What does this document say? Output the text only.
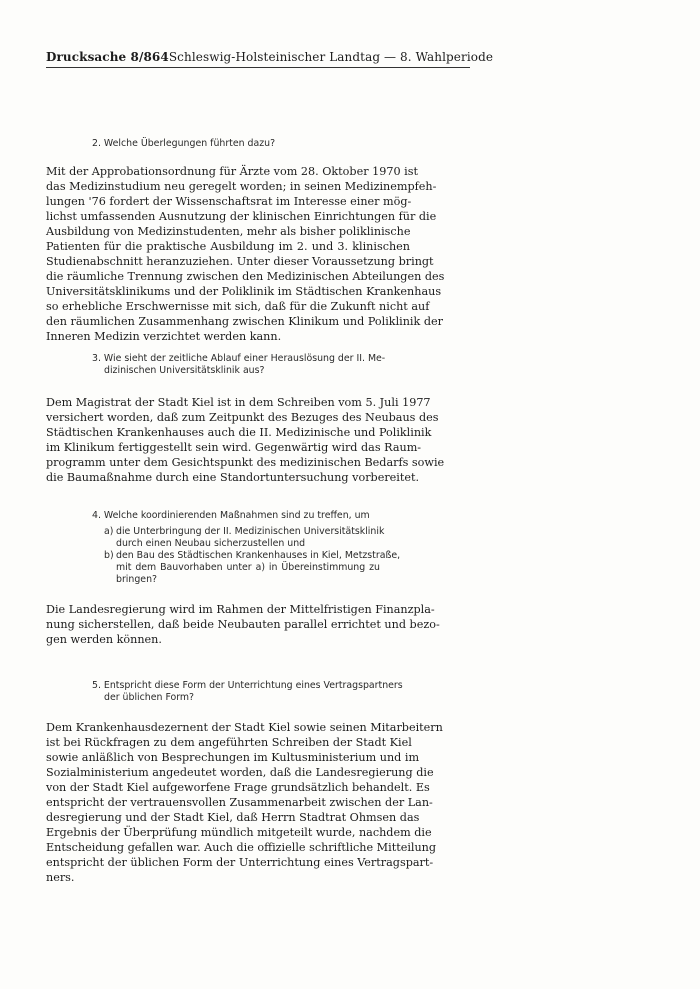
Drucksache 8/864 Schleswig-Holsteinischer Landtag — 8. Wahlperiode
2. Welche Überlegungen führten dazu?
Mit der Approbationsordnung für Ärzte vom 28. Oktober 1970 ist
das Medizinstudium neu geregelt worden; in seinen Medizinempfeh-
lungen '76 fordert der Wissenschaftsrat im Interesse einer mög-
lichst umfassenden Ausnutzung der klinischen Einrichtungen für die
Ausbildung von Medizinstudenten, mehr als bisher poliklinische
Patienten für die praktische Ausbildung im 2. und 3. klinischen
Studienabschnitt heranzuziehen. Unter dieser Voraussetzung bringt
die räumliche Trennung zwischen den Medizinischen Abteilungen des
Universitätsklinikums und der Poliklinik im Städtischen Krankenhaus
so erhebliche Erschwernisse mit sich, daß für die Zukunft nicht auf
den räumlichen Zusammenhang zwischen Klinikum und Poliklinik der
Inneren Medizin verzichtet werden kann.
3. Wie sieht der zeitliche Ablauf einer Herauslösung der II. Me-
dizinischen Universitätsklinik aus?
Dem Magistrat der Stadt Kiel ist in dem Schreiben vom 5. Juli 1977
versichert worden, daß zum Zeitpunkt des Bezuges des Neubaus des
Städtischen Krankenhauses auch die II. Medizinische und Poliklinik
im Klinikum fertiggestellt sein wird. Gegenwärtig wird das Raum-
programm unter dem Gesichtspunkt des medizinischen Bedarfs sowie
die Baumaßnahme durch eine Standortuntersuchung vorbereitet.
4. Welche koordinierenden Maßnahmen sind zu treffen, um
a) die Unterbringung der II. Medizinischen Universitätsklinik
durch einen Neubau sicherzustellen und
b) den Bau des Städtischen Krankenhauses in Kiel, Metzstraße,
mit dem Bauvorhaben unter a) in Übereinstimmung zu
bringen?
Die Landesregierung wird im Rahmen der Mittelfristigen Finanzpla-
nung sicherstellen, daß beide Neubauten parallel errichtet und bezo-
gen werden können.
5. Entspricht diese Form der Unterrichtung eines Vertragspartners
der üblichen Form?
Dem Krankenhausdezernent der Stadt Kiel sowie seinen Mitarbeitern
ist bei Rückfragen zu dem angeführten Schreiben der Stadt Kiel
sowie anläßlich von Besprechungen im Kultusministerium und im
Sozialministerium angedeutet worden, daß die Landesregierung die
von der Stadt Kiel aufgeworfene Frage grundsätzlich behandelt. Es
entspricht der vertrauensvollen Zusammenarbeit zwischen der Lan-
desregierung und der Stadt Kiel, daß Herrn Stadtrat Ohmsen das
Ergebnis der Überprüfung mündlich mitgeteilt wurde, nachdem die
Entscheidung gefallen war. Auch die offizielle schriftliche Mitteilung
entspricht der üblichen Form der Unterrichtung eines Vertragspart-
ners.
